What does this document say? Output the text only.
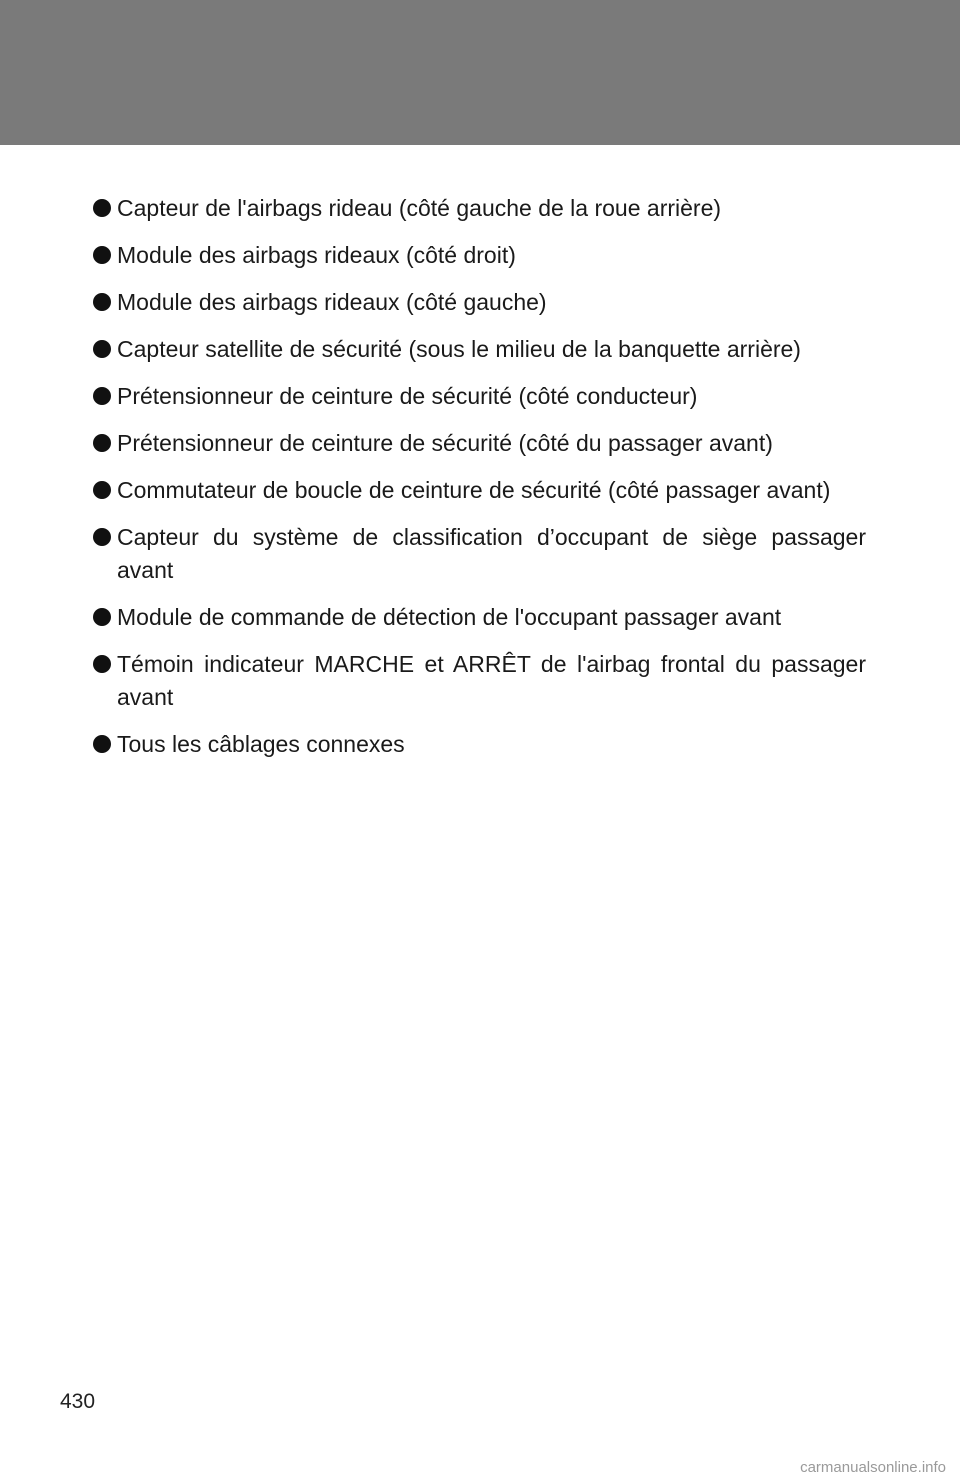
Capteur de l'airbags rideau (côté gauche de la roue arrière)
Module des airbags rideaux (côté droit)
Module des airbags rideaux (côté gauche)
Capteur satellite de sécurité (sous le milieu de la banquette arrière)
Prétensionneur de ceinture de sécurité (côté conducteur)
Prétensionneur de ceinture de sécurité (côté du passager avant)
Commutateur de boucle de ceinture de sécurité (côté passager avant)
Capteur du système de classification d’occupant de siège passager avant
Module de commande de détection de l'occupant passager avant
Témoin indicateur MARCHE et ARRÊT de l'airbag frontal du passager avant
Tous les câblages connexes
430
carmanualsonline.info
